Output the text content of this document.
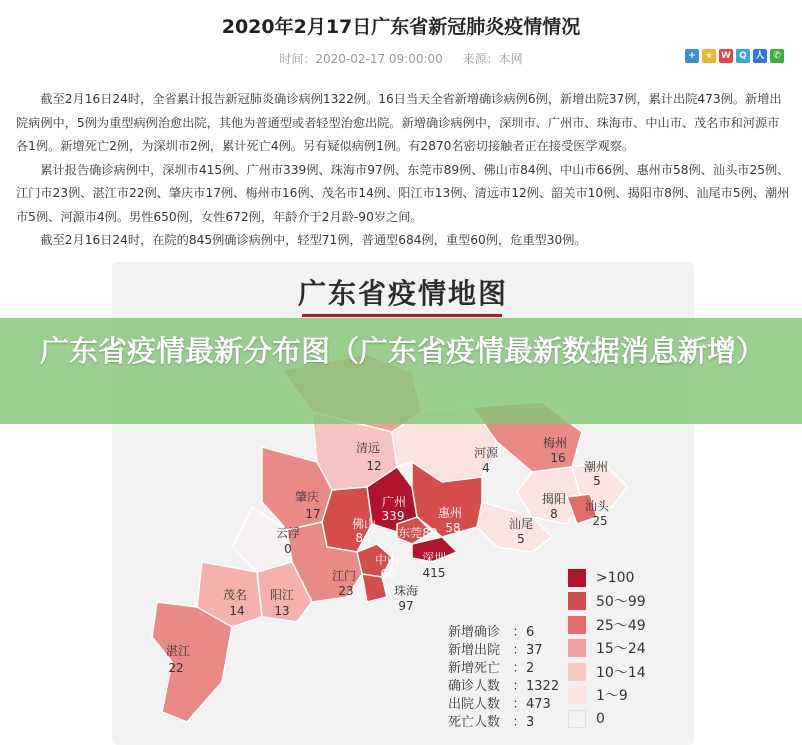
2020年2月17日广东省新冠肺炎疫情情况
时间：2020-02-17 09:00:00 来源：本网	+	★ W Q 人 ✆

截至2月16日24时，全省累计报告新冠肺炎确诊病例1322例。16日当天全省新增确诊病例6例，新增出院37例，累计出院473例。新增出院病例中，5例为重型病例治愈出院，其他为普通型或者轻型治愈出院。新增确诊病例中，深圳市、广州市、珠海市、中山市、茂名市和河源市各1例。新增死亡2例，为深圳市2例，累计死亡4例。另有疑似病例1例。有2870名密切接触者正在接受医学观察。

累计报告确诊病例中，深圳市415例、广州市339例、珠海市97例、东莞市89例、佛山市84例、中山市66例、惠州市58例、汕头市25例、江门市23例、湛江市22例、肇庆市17例、梅州市16例、茂名市14例、阳江市13例、清远市12例、韶关市10例、揭阳市8例、汕尾市5例、潮州市5例、河源市4例。男性650例，女性672例，年龄介于2月龄-90岁之间。

截至2月16日24时，在院的845例确诊病例中，轻型71例，普通型684例，重型60例，危重型30例。

清远
12
河源
4
梅州
16
潮州
5
肇庆
17
广州
339	惠州
58
揭阳
8
汕头
25
云浮
0
佛山
84 东莞 89
汕尾
5
中山
66
深圳
415
江门
23	珠海
97
茂名
14
阳江
13
湛江
22
广东省疫情地图
新增确诊 ： 6
新增出院 ： 37
新增死亡 ： 2
确诊人数 ： 1322
出院人数 ： 473
死亡人数 ： 3
>100
50～99
25～49
15～24
10～14
1～9
0
广东省疫情最新分布图（广东省疫情最新数据消息新增）
